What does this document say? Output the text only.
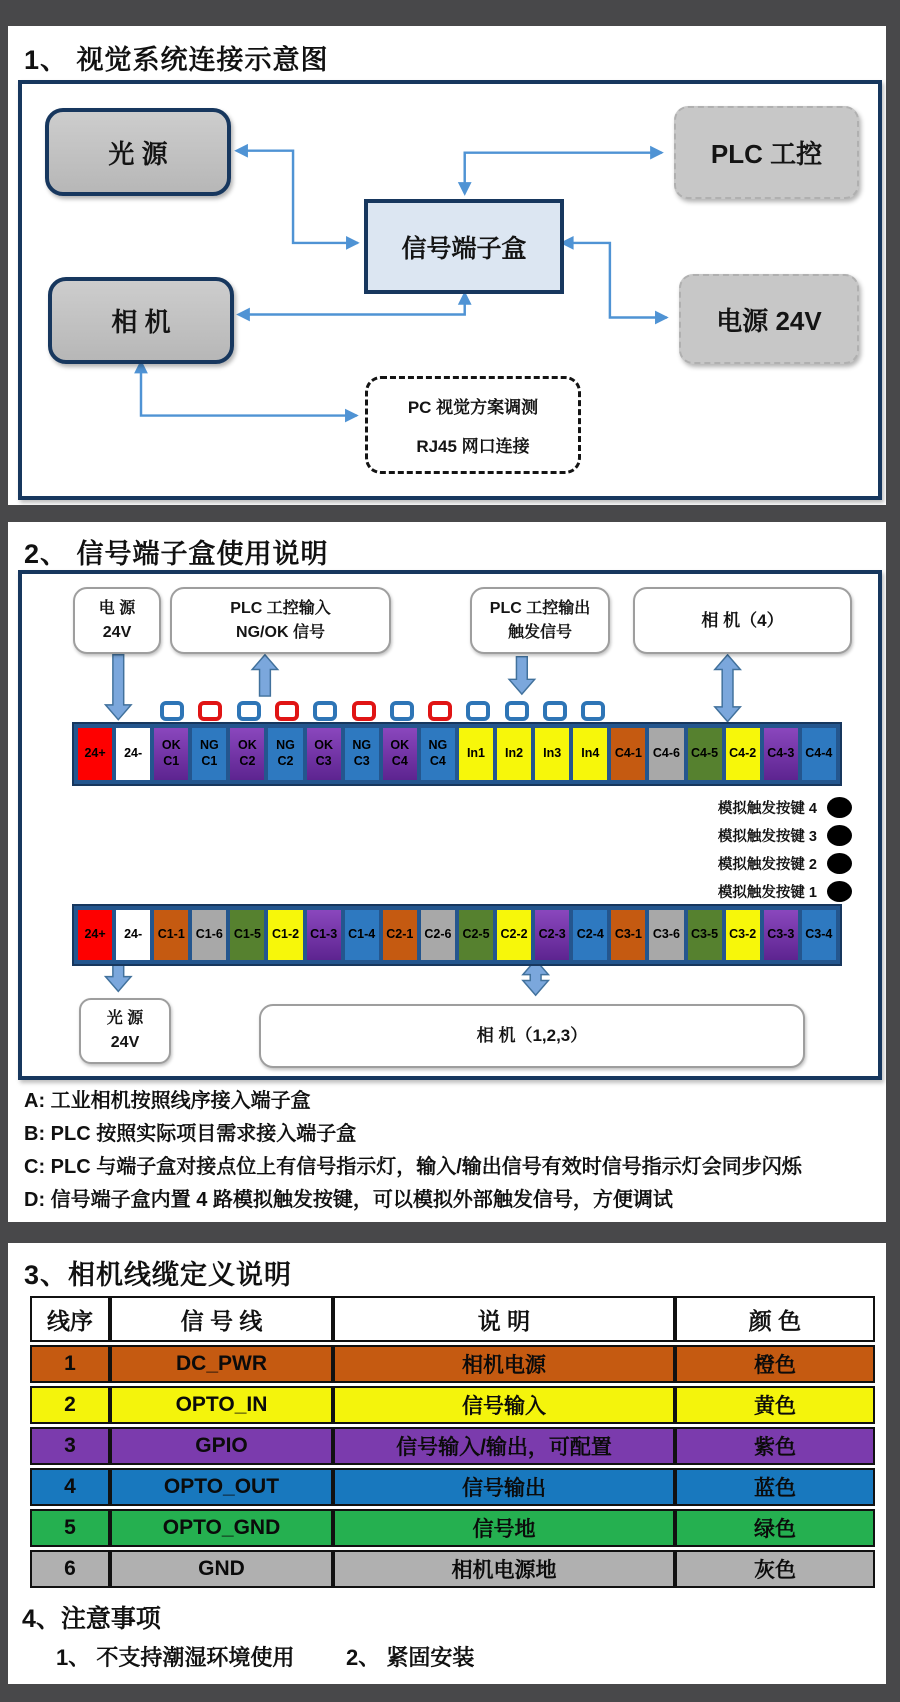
1、 视觉系统连接示意图
光 源	PLC 工控
信号端子盒
相 机	电源 24V
PC 视觉方案调测
RJ45 网口连接
2、 信号端子盒使用说明
电 源
24V
PLC 工控输入
NG/OK 信号
PLC 工控输出
触发信号
相 机（4）
24+ 24-
OK
C1
NG
C1
OK
C2
NG
C2
OK
C3
NG
C3
OK
C4
NG
C4
In1 In2 In3 In4 C4-1 C4-6 C4-5 C4-2 C4-3 C4-4
模拟触发按键 4
模拟触发按键 3
模拟触发按键 2
模拟触发按键 1
24+ 24- C1-1 C1-6 C1-5 C1-2 C1-3 C1-4 C2-1 C2-6 C2-5 C2-2 C2-3 C2-4 C3-1 C3-6 C3-5 C3-2 C3-3 C3-4
光 源
24V	相 机（1,2,3）
A: 工业相机按照线序接入端子盒
B: PLC 按照实际项目需求接入端子盒
C: PLC 与端子盒对接点位上有信号指示灯，输入/输出信号有效时信号指示灯会同步闪烁
D: 信号端子盒内置 4 路模拟触发按键，可以模拟外部触发信号，方便调试
3、相机线缆定义说明
线序	信 号 线	说 明	颜 色
1	DC_PWR	相机电源	橙色
2	OPTO_IN	信号输入	黄色
3	GPIO	信号输入/输出，可配置	紫色
4	OPTO_OUT	信号输出	蓝色
5	OPTO_GND	信号地	绿色
6	GND	相机电源地	灰色
4、注意事项
1、 不支持潮湿环境使用 2、 紧固安装
